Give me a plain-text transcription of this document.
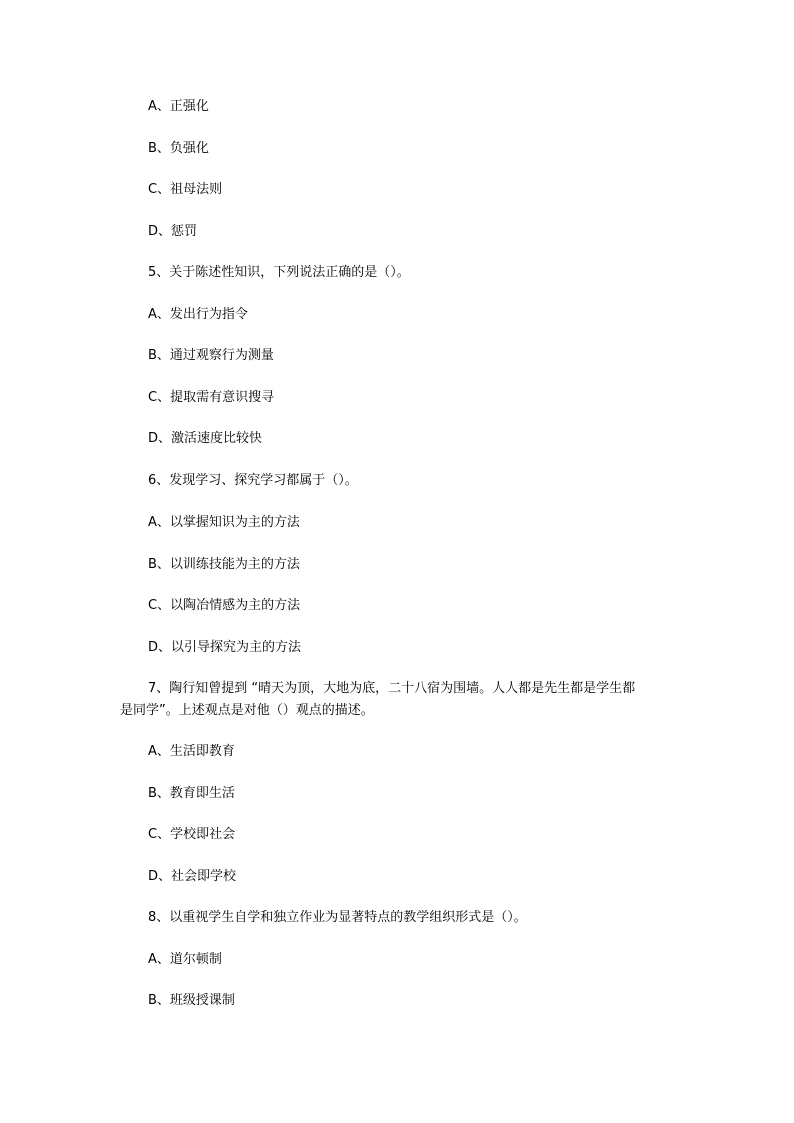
A、正强化
B、负强化
C、祖母法则
D、惩罚
5、关于陈述性知识，下列说法正确的是（）。
A、发出行为指令
B、通过观察行为测量
C、提取需有意识搜寻
D、激活速度比较快
6、发现学习、探究学习都属于（）。
A、以掌握知识为主的方法
B、以训练技能为主的方法
C、以陶冶情感为主的方法
D、以引导探究为主的方法
7、陶行知曾提到 “晴天为顶，大地为底，二十八宿为围墙。人人都是先生都是学生都
是同学”。上述观点是对他（）观点的描述。
A、生活即教育
B、教育即生活
C、学校即社会
D、社会即学校
8、以重视学生自学和独立作业为显著特点的教学组织形式是（）。
A、道尔顿制
B、班级授课制
